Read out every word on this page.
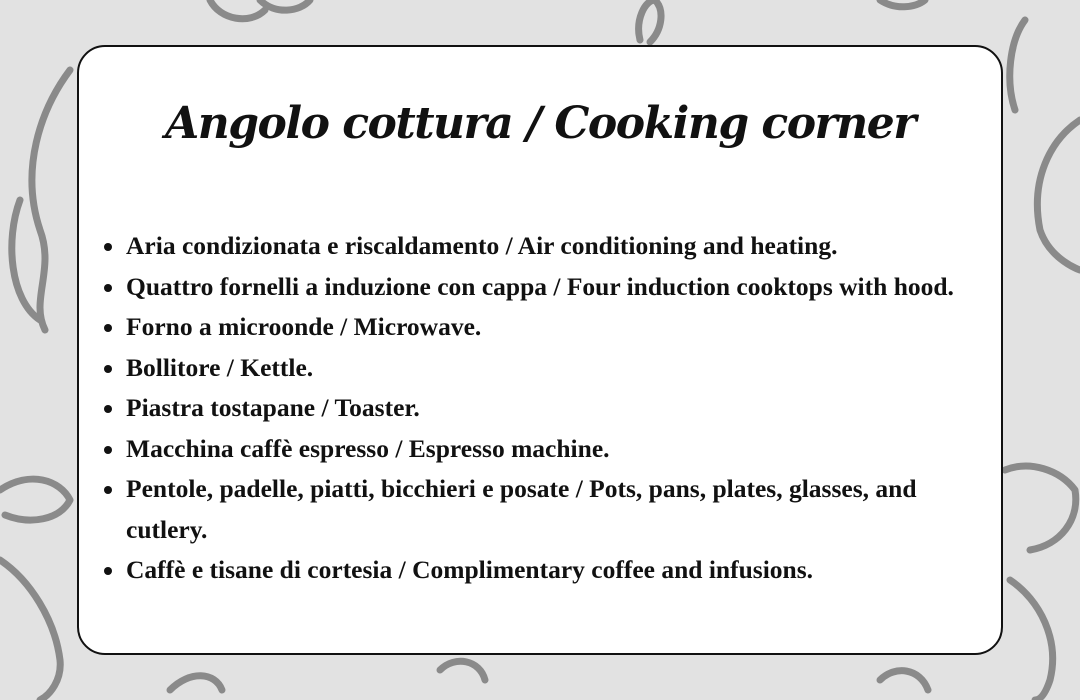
Angolo cottura / Cooking corner
Aria condizionata e riscaldamento / Air conditioning and heating.
Quattro fornelli a induzione con cappa / Four induction cooktops with hood.
Forno a microonde / Microwave.
Bollitore / Kettle.
Piastra tostapane / Toaster.
Macchina caffè espresso / Espresso machine.
Pentole, padelle, piatti, bicchieri e posate / Pots, pans, plates, glasses, and cutlery.
Caffè e tisane di cortesia / Complimentary coffee and infusions.
